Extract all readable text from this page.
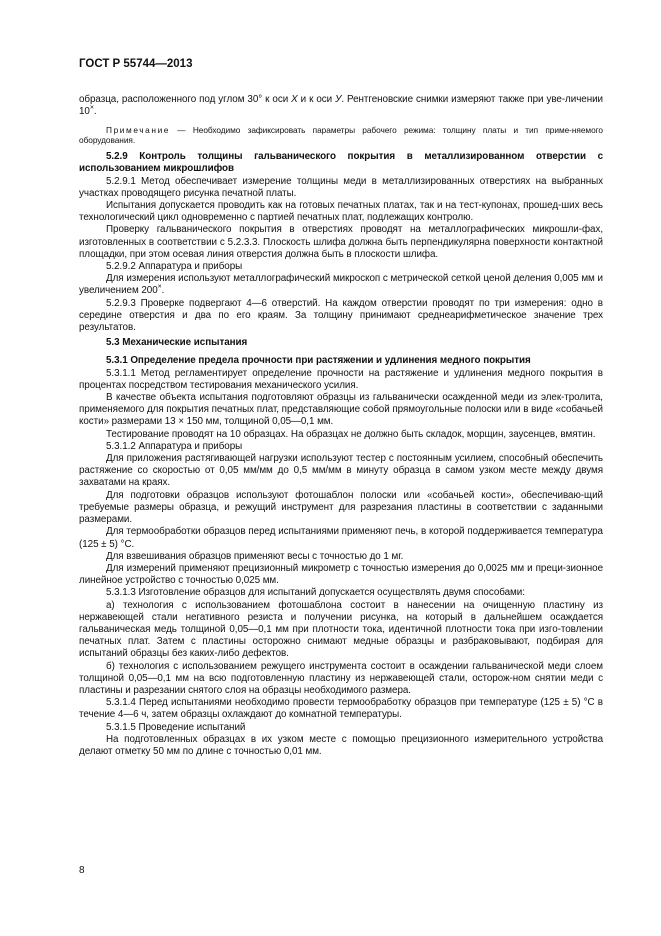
ГОСТ Р 55744—2013

образца, расположенного под углом 30° к оси X и к оси У. Рентгеновские снимки измеряют также при уве-личении 10×.

Примечание — Необходимо зафиксировать параметры рабочего режима: толщину платы и тип приме-няемого оборудования.

5.2.9 Контроль толщины гальванического покрытия в металлизированном отверстии с использованием микрошлифов

5.2.9.1 Метод обеспечивает измерение толщины меди в металлизированных отверстиях на выбранных участках проводящего рисунка печатной платы.

Испытания допускается проводить как на готовых печатных платах, так и на тест-купонах, прошед-ших весь технологический цикл одновременно с партией печатных плат, подлежащих контролю.

Проверку гальванического покрытия в отверстиях проводят на металлографических микрошли-фах, изготовленных в соответствии с 5.2.3.3. Плоскость шлифа должна быть перпендикулярна поверхности контактной площадки, при этом осевая линия отверстия должна быть в плоскости шлифа.

5.2.9.2 Аппаратура и приборы

Для измерения используют металлографический микроскоп с метрической сеткой ценой деления 0,005 мм и увеличением 200×.

5.2.9.3 Проверке подвергают 4—6 отверстий. На каждом отверстии проводят по три измерения: одно в середине отверстия и два по его краям. За толщину принимают среднеарифметическое значение трех результатов.

5.3 Механические испытания

5.3.1 Определение предела прочности при растяжении и удлинения медного покрытия

5.3.1.1 Метод регламентирует определение прочности на растяжение и удлинения медного покрытия в процентах посредством тестирования механического усилия.

В качестве объекта испытания подготовляют образцы из гальванически осажденной меди из элек-тролита, применяемого для покрытия печатных плат, представляющие собой прямоугольные полоски или в виде «собачьей кости» размерами 13 × 150 мм, толщиной 0,05—0,1 мм.

Тестирование проводят на 10 образцах. На образцах не должно быть складок, морщин, заусенцев, вмятин.

5.3.1.2 Аппаратура и приборы

Для приложения растягивающей нагрузки используют тестер с постоянным усилием, способный обеспечить растяжение со скоростью от 0,05 мм/мм до 0,5 мм/мм в минуту образца в самом узком месте между двумя захватами на краях.

Для подготовки образцов используют фотошаблон полоски или «собачьей кости», обеспечиваю-щий требуемые размеры образца, и режущий инструмент для разрезания пластины в соответствии с заданными размерами.

Для термообработки образцов перед испытаниями применяют печь, в которой поддерживается температура (125 ± 5) °С.

Для взвешивания образцов применяют весы с точностью до 1 мг.

Для измерений применяют прецизионный микрометр с точностью измерения до 0,0025 мм и преци-зионное линейное устройство с точностью 0,025 мм.

5.3.1.3 Изготовление образцов для испытаний допускается осуществлять двумя способами:

а) технология с использованием фотошаблона состоит в нанесении на очищенную пластину из нержавеющей стали негативного резиста и получении рисунка, на который в дальнейшем осаждается гальваническая медь толщиной 0,05—0,1 мм при плотности тока, идентичной плотности тока при изго-товлении печатных плат. Затем с пластины осторожно снимают медные образцы и разбраковывают, подбирая для испытаний образцы без каких-либо дефектов.

б) технология с использованием режущего инструмента состоит в осаждении гальванической меди слоем толщиной 0,05—0,1 мм на всю подготовленную пластину из нержавеющей стали, осторож-ном снятии меди с пластины и разрезании снятого слоя на образцы необходимого размера.

5.3.1.4 Перед испытаниями необходимо провести термообработку образцов при температуре (125 ± 5) °С в течение 4—6 ч, затем образцы охлаждают до комнатной температуры.

5.3.1.5 Проведение испытаний

На подготовленных образцах в их узком месте с помощью прецизионного измерительного устройства делают отметку 50 мм по длине с точностью 0,01 мм.

8
